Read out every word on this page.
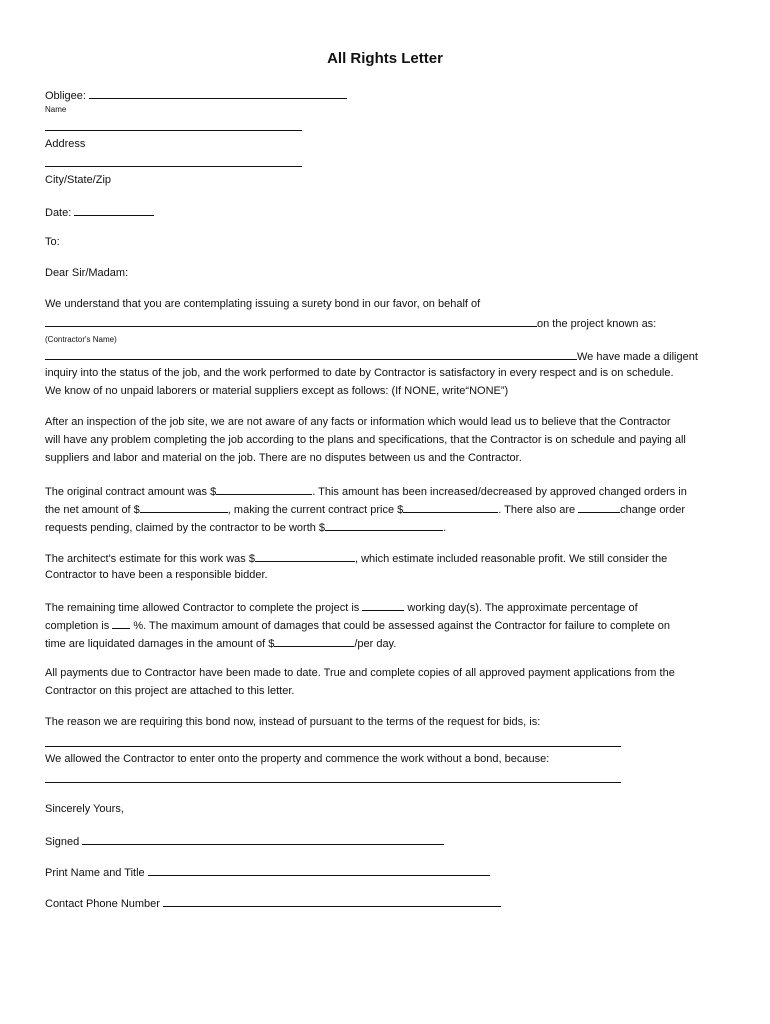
All Rights Letter
Obligee:
Name
Address
City/State/Zip
Date:
To:
Dear Sir/Madam:
We understand that you are contemplating issuing a surety bond in our favor, on behalf of
on the project known as:
(Contractor's Name)
We have made a diligent
inquiry into the status of the job, and the work performed to date by Contractor is satisfactory in every respect and is on schedule.
We know of no unpaid laborers or material suppliers except as follows: (If NONE, write“NONE”)
After an inspection of the job site, we are not aware of any facts or information which would lead us to believe that the Contractor
will have any problem completing the job according to the plans and specifications, that the Contractor is on schedule and paying all
suppliers and labor and material on the job. There are no disputes between us and the Contractor.
The original contract amount was $	. This amount has been increased/decreased by approved changed orders in
the net amount of $	, making the current contract price $	. There also are	change order
requests pending, claimed by the contractor to be worth $	.
The architect's estimate for this work was $	, which estimate included reasonable profit. We still consider the
Contractor to have been a responsible bidder.
The remaining time allowed Contractor to complete the project is	working day(s). The approximate percentage of
completion is %. The maximum amount of damages that could be assessed against the Contractor for failure to complete on
time are liquidated damages in the amount of $	/per day.
All payments due to Contractor have been made to date. True and complete copies of all approved payment applications from the
Contractor on this project are attached to this letter.
The reason we are requiring this bond now, instead of pursuant to the terms of the request for bids, is:
We allowed the Contractor to enter onto the property and commence the work without a bond, because:
Sincerely Yours,
Signed
Print Name and Title
Contact Phone Number
